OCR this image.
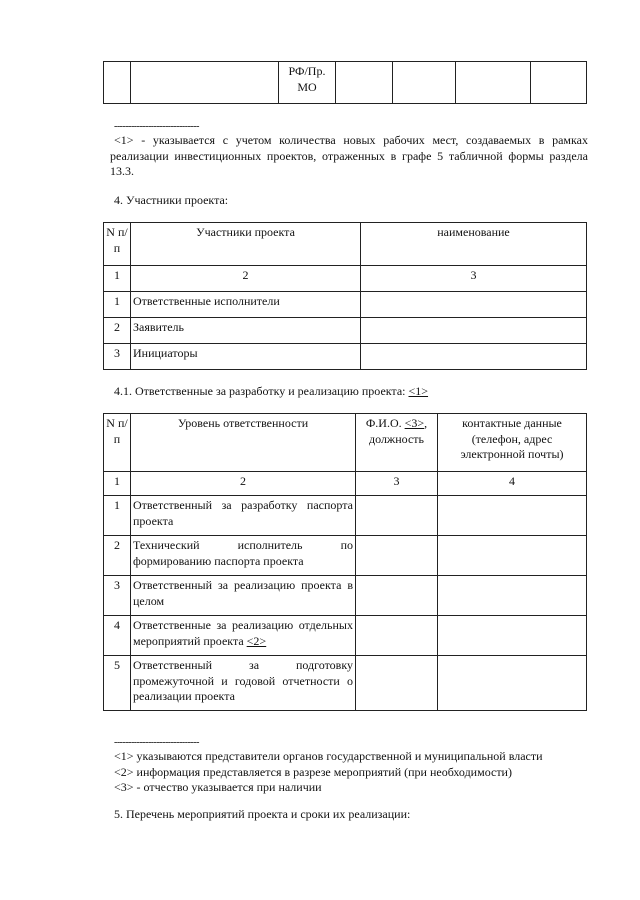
		РФ/Пр. МО				
------------------------------
<1> - указывается с учетом количества новых рабочих мест, создаваемых в рамках реализации инвестиционных проектов, отраженных в графе 5 табличной формы раздела 13.3.
4. Участники проекта:
N п/п	Участники проекта	наименование
1	2	3
1	Ответственные исполнители	
2	Заявитель	
3	Инициаторы	
4.1. Ответственные за разработку и реализацию проекта: <1>
N п/п	Уровень ответственности	Ф.И.О. <3>, должность	контактные данные (телефон, адрес электронной почты)
1	2	3	4
1	Ответственный за разработку паспорта проекта		
2	Технический исполнитель по формированию паспорта проекта		
3	Ответственный за реализацию проекта в целом		
4	Ответственные за реализацию отдельных мероприятий проекта <2>		
5	Ответственный за подготовку промежуточной и годовой отчетности о реализации проекта		
------------------------------
<1> указываются представители органов государственной и муниципальной власти
<2> информация представляется в разрезе мероприятий (при необходимости)
<3> - отчество указывается при наличии
5. Перечень мероприятий проекта и сроки их реализации:
